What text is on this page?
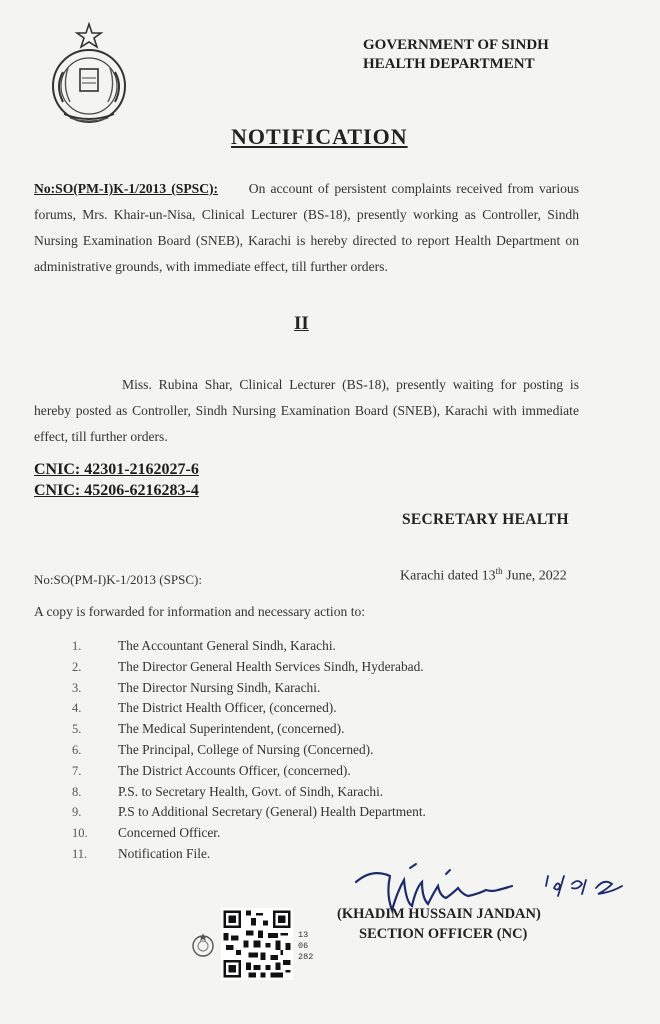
GOVERNMENT OF SINDH
HEALTH DEPARTMENT
NOTIFICATION
No:SO(PM-I)K-1/2013 (SPSC): On account of persistent complaints received from various forums, Mrs. Khair-un-Nisa, Clinical Lecturer (BS-18), presently working as Controller, Sindh Nursing Examination Board (SNEB), Karachi is hereby directed to report Health Department on administrative grounds, with immediate effect, till further orders.
II
Miss. Rubina Shar, Clinical Lecturer (BS-18), presently waiting for posting is hereby posted as Controller, Sindh Nursing Examination Board (SNEB), Karachi with immediate effect, till further orders.
CNIC: 42301-2162027-6
CNIC: 45206-6216283-4
SECRETARY HEALTH
No:SO(PM-I)K-1/2013 (SPSC):	Karachi dated 13th June, 2022
A copy is forwarded for information and necessary action to:
1.	The Accountant General Sindh, Karachi.
2.	The Director General Health Services Sindh, Hyderabad.
3.	The Director Nursing Sindh, Karachi.
4.	The District Health Officer, (concerned).
5.	The Medical Superintendent, (concerned).
6.	The Principal, College of Nursing (Concerned).
7.	The District Accounts Officer, (concerned).
8.	P.S. to Secretary Health, Govt. of Sindh, Karachi.
9.	P.S to Additional Secretary (General) Health Department.
10.	Concerned Officer.
11.	Notification File.
(KHADIM HUSSAIN JANDAN)
SECTION OFFICER (NC)
13
06
282
